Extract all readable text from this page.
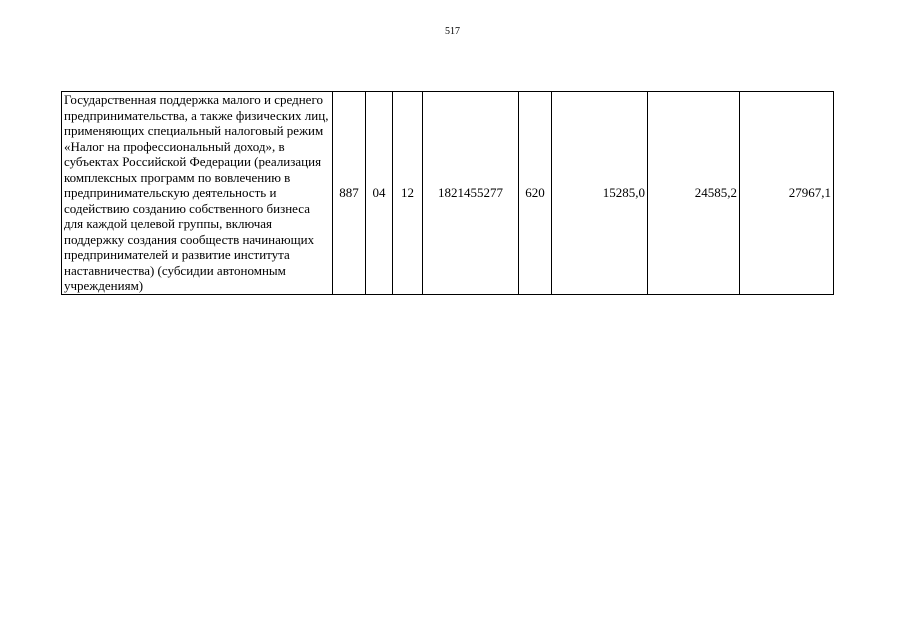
517
Государственная поддержка малого и среднего предпринимательства, а также физических лиц, применяющих специальный налоговый режим «Налог на профессиональный доход», в субъектах Российской Федерации (реализация комплексных программ по вовлечению в предпринимательскую деятельность и содействию созданию собственного бизнеса для каждой целевой группы, включая поддержку создания сообществ начинающих предпринимателей и развитие института наставничества) (субсидии автономным учреждениям)	887	04	12	1821455277	620	15285,0	24585,2	27967,1
